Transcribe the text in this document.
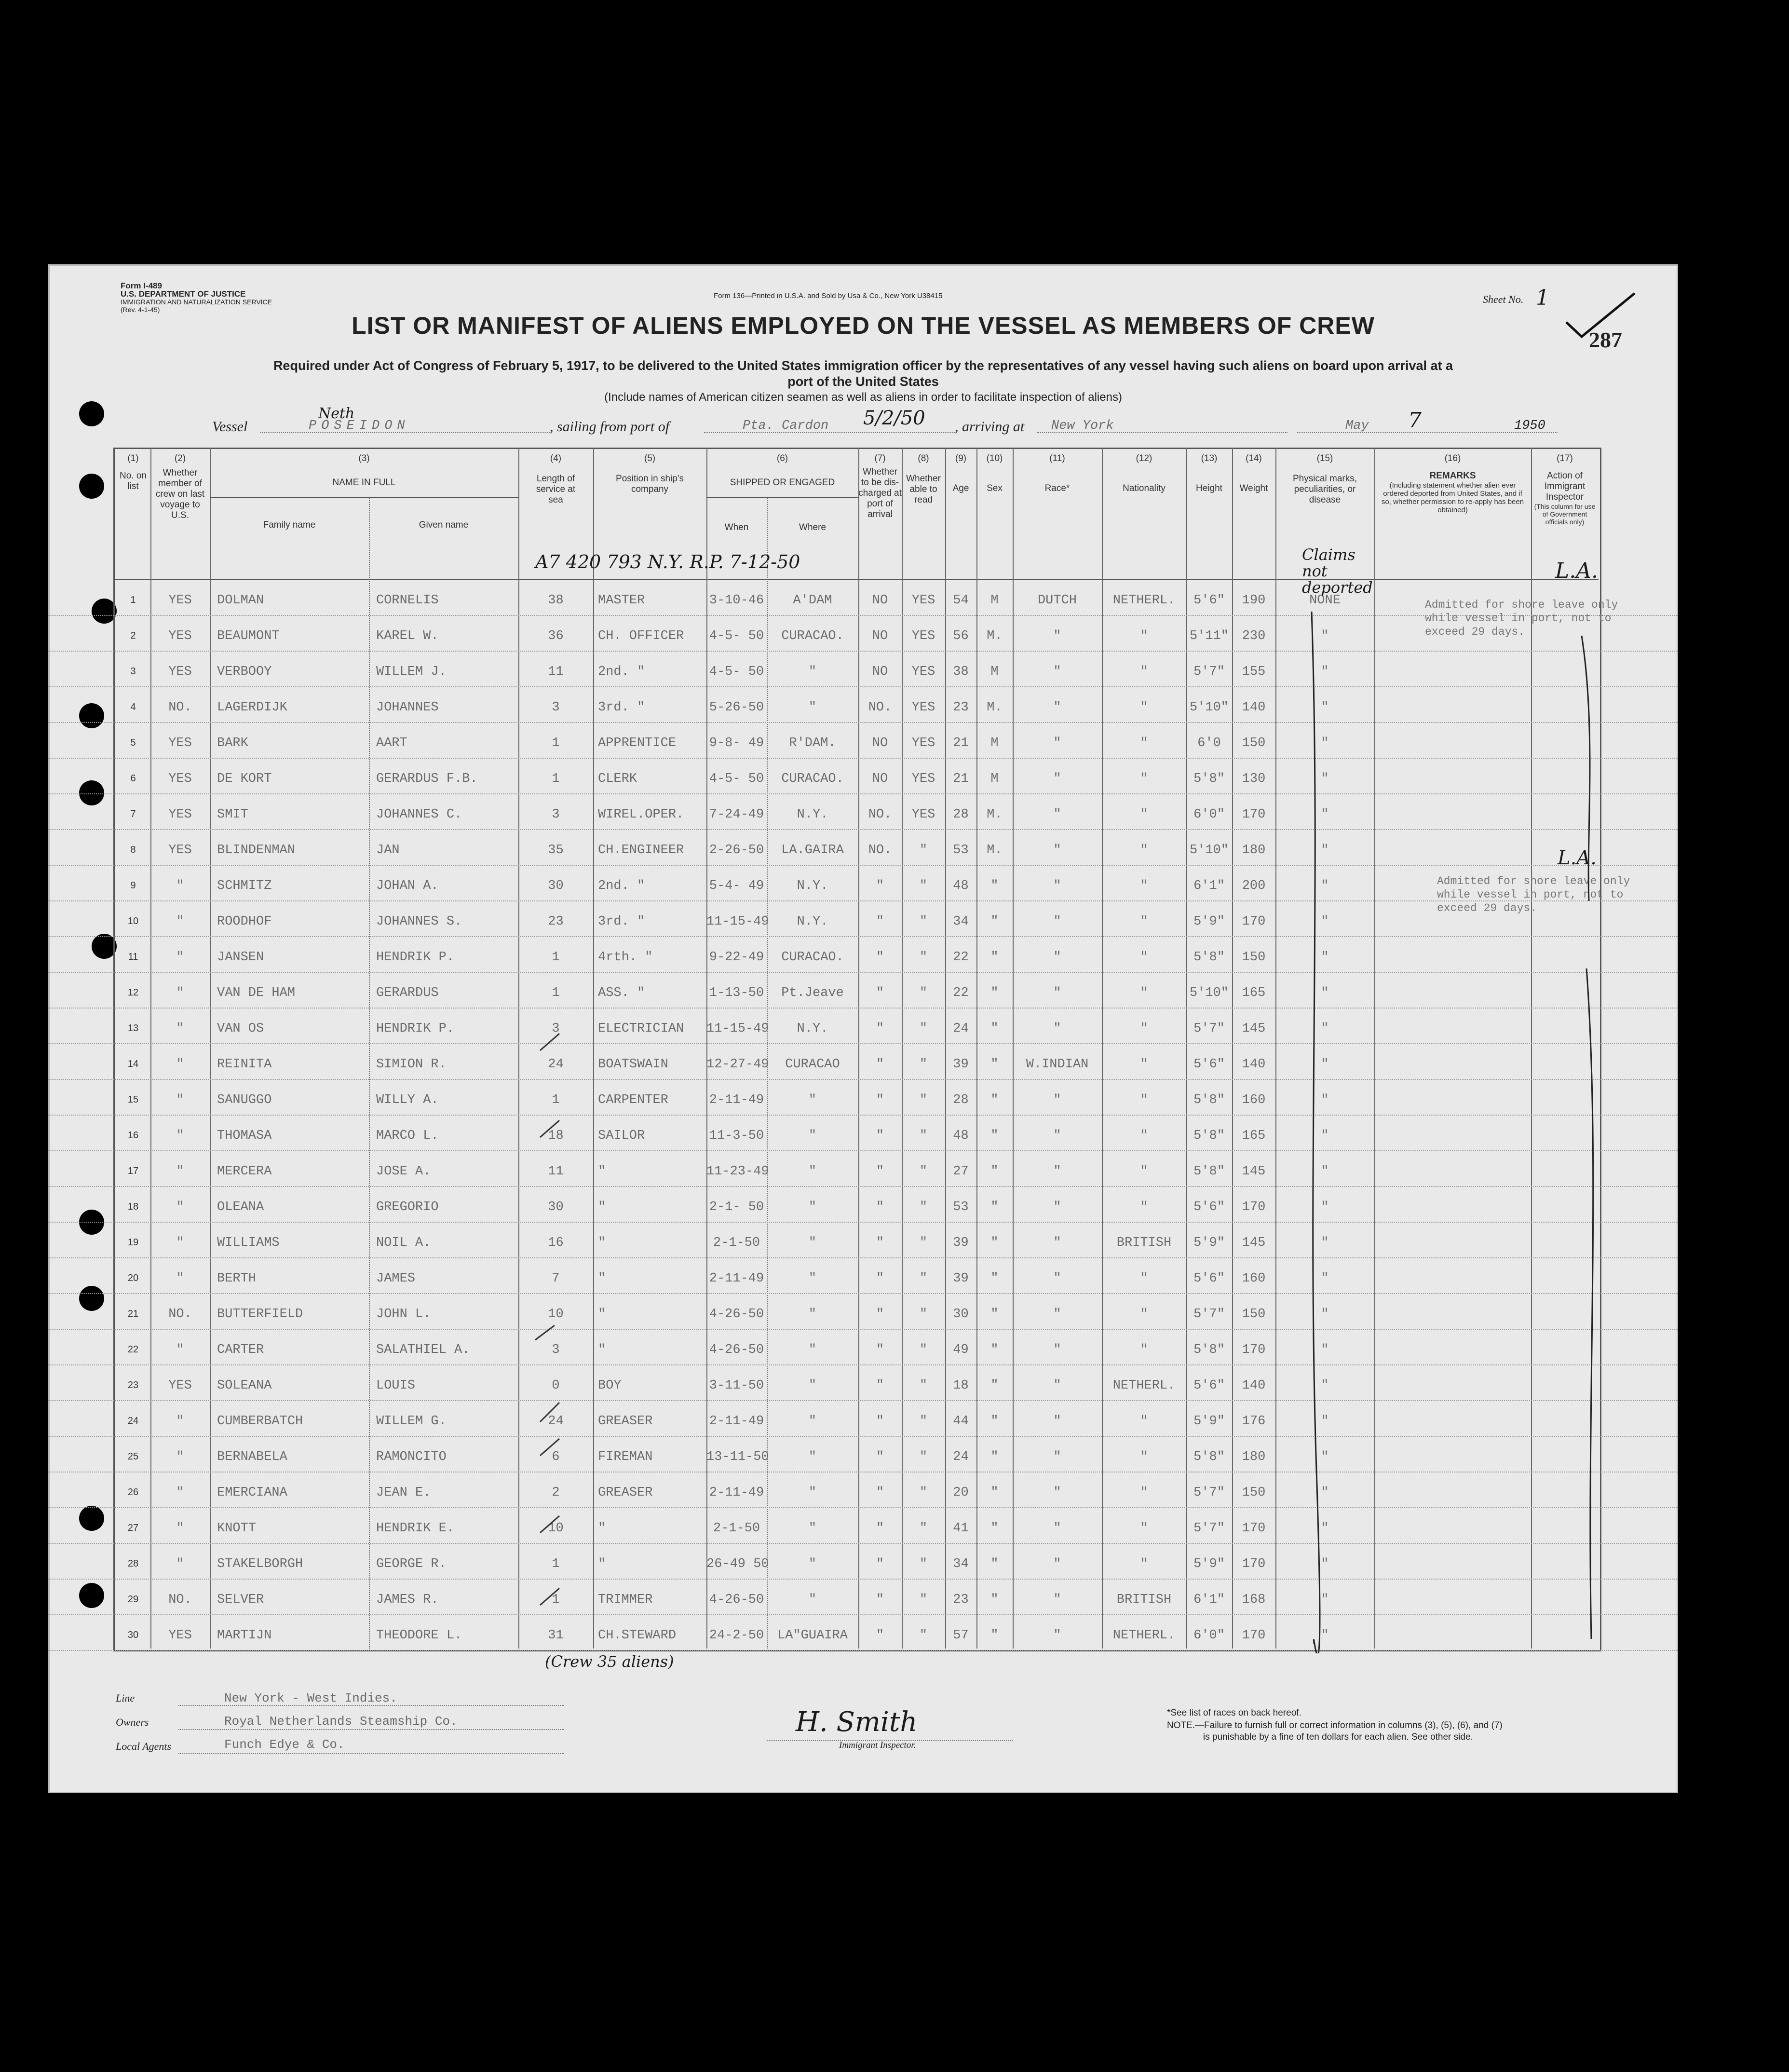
Form I-489
U.S. DEPARTMENT OF JUSTICE
IMMIGRATION AND NATURALIZATION SERVICE
(Rev. 4-1-45)
Form 136—Printed in U.S.A. and Sold by Usa & Co., New York U38415	Sheet No. 1
287
LIST OR MANIFEST OF ALIENS EMPLOYED ON THE VESSEL AS MEMBERS OF CREW
Required under Act of Congress of February 5, 1917, to be delivered to the United States immigration officer by the representatives of any vessel having such aliens on board upon arrival at a
port of the United States
(Include names of American citizen seamen as well as aliens in order to facilitate inspection of aliens)
Vessel
Neth
POSEIDON	, sailing from port of	Pta. Cardon 5/2/50 , arriving at New York	May 7	1950
(1)
No. on list
(2)
Whether member of crew on last voyage to U.S.
(3)
NAME IN FULL
Family name	Given name
(4)
Length of service at sea
(5)
Position in ship's company
(6)
SHIPPED OR ENGAGED
When	Where
(7)
Whether to be dis-charged at port of arrival
(8)
Whether able to read
(9)
Age
(10)
Sex
(11)
Race*
(12)
Nationality
(13)
Height
(14)
Weight
(15)
Physical marks, peculiarities, or disease
(16)
REMARKS
(Including statement whether alien ever ordered deported from United States, and if so, whether permission to re-apply has been obtained)
(17)
Action of Immigrant Inspector
(This column for use of Government officials only)
1	YES	DOLMAN	CORNELIS	38	MASTER	3-10-46	A'DAM	NO	YES	54	M	DUTCH	NETHERL.	5'6"	190	NONE
2	YES	BEAUMONT	KAREL W.	36	CH. OFFICER	4-5- 50	CURACAO.	NO	YES	56	M.	"	"	5'11"	230	"
3	YES	VERBOOY	WILLEM J.	11	2nd. "	4-5- 50	"	NO	YES	38	M	"	"	5'7"	155	"
4	NO.	LAGERDIJK	JOHANNES	3	3rd. "	5-26-50	"	NO.	YES	23	M.	"	"	5'10"	140	"
5	YES	BARK	AART	1	APPRENTICE	9-8- 49	R'DAM.	NO	YES	21	M	"	"	6'0	150	"
6	YES	DE KORT	GERARDUS F.B.	1	CLERK	4-5- 50	CURACAO.	NO	YES	21	M	"	"	5'8"	130	"
7	YES	SMIT	JOHANNES C.	3	WIREL.OPER.	7-24-49	N.Y.	NO.	YES	28	M.	"	"	6'0"	170	"
8	YES	BLINDENMAN	JAN	35	CH.ENGINEER	2-26-50	LA.GAIRA	NO.	"	53	M.	"	"	5'10"	180	"
9	"	SCHMITZ	JOHAN A.	30	2nd. "	5-4- 49	N.Y.	"	"	48	"	"	"	6'1"	200	"
10	"	ROODHOF	JOHANNES S.	23	3rd. "	11-15-49	N.Y.	"	"	34	"	"	"	5'9"	170	"
11	"	JANSEN	HENDRIK P.	1	4rth. "	9-22-49	CURACAO.	"	"	22	"	"	"	5'8"	150	"
12	"	VAN DE HAM	GERARDUS	1	ASS. "	1-13-50	Pt.Jeave	"	"	22	"	"	"	5'10"	165	"
13	"	VAN OS	HENDRIK P.	3	ELECTRICIAN	11-15-49	N.Y.	"	"	24	"	"	"	5'7"	145	"
14	"	REINITA	SIMION R.	24	BOATSWAIN	12-27-49	CURACAO	"	"	39	"	W.INDIAN	"	5'6"	140	"
15	"	SANUGGO	WILLY A.	1	CARPENTER	2-11-49	"	"	"	28	"	"	"	5'8"	160	"
16	"	THOMASA	MARCO L.	18	SAILOR	11-3-50	"	"	"	48	"	"	"	5'8"	165	"
17	"	MERCERA	JOSE A.	11	"	11-23-49	"	"	"	27	"	"	"	5'8"	145	"
18	"	OLEANA	GREGORIO	30	"	2-1- 50	"	"	"	53	"	"	"	5'6"	170	"
19	"	WILLIAMS	NOIL A.	16	"	2-1-50	"	"	"	39	"	"	BRITISH	5'9"	145	"
20	"	BERTH	JAMES	7	"	2-11-49	"	"	"	39	"	"	"	5'6"	160	"
21	NO.	BUTTERFIELD	JOHN L.	10	"	4-26-50	"	"	"	30	"	"	"	5'7"	150	"
22	"	CARTER	SALATHIEL A.	3	"	4-26-50	"	"	"	49	"	"	"	5'8"	170	"
23	YES	SOLEANA	LOUIS	0	BOY	3-11-50	"	"	"	18	"	"	NETHERL.	5'6"	140	"
24	"	CUMBERBATCH	WILLEM G.	24	GREASER	2-11-49	"	"	"	44	"	"	"	5'9"	176	"
25	"	BERNABELA	RAMONCITO	6	FIREMAN	13-11-50	"	"	"	24	"	"	"	5'8"	180	"
26	"	EMERCIANA	JEAN E.	2	GREASER	2-11-49	"	"	"	20	"	"	"	5'7"	150	"
27	"	KNOTT	HENDRIK E.	10	"	2-1-50	"	"	"	41	"	"	"	5'7"	170	"
28	"	STAKELBORGH	GEORGE R.	1	"	26-49 50	"	"	"	34	"	"	"	5'9"	170	"
29	NO.	SELVER	JAMES R.	1	TRIMMER	4-26-50	"	"	"	23	"	"	BRITISH	6'1"	168	"
30	YES	MARTIJN	THEODORE L.	31	CH.STEWARD	24-2-50	LA"GUAIRA	"	"	57	"	"	NETHERL.	6'0"	170	"
A7 420 793 N.Y. R.P. 7-12-50	Claims not deported
L.A.
L.A.
Admitted for shore leave only while vessel in port, not to exceed 29 days.
Admitted for shore leave only while vessel in port, not to exceed 29 days.
(Crew 35 aliens)
Line	New York - West Indies.
Owners	Royal Netherlands Steamship Co.
Local Agents	Funch Edye & Co.
H. Smith
Immigrant Inspector.
*See list of races on back hereof.
NOTE.—Failure to furnish full or correct information in columns (3), (5), (6), and (7)
is punishable by a fine of ten dollars for each alien. See other side.
